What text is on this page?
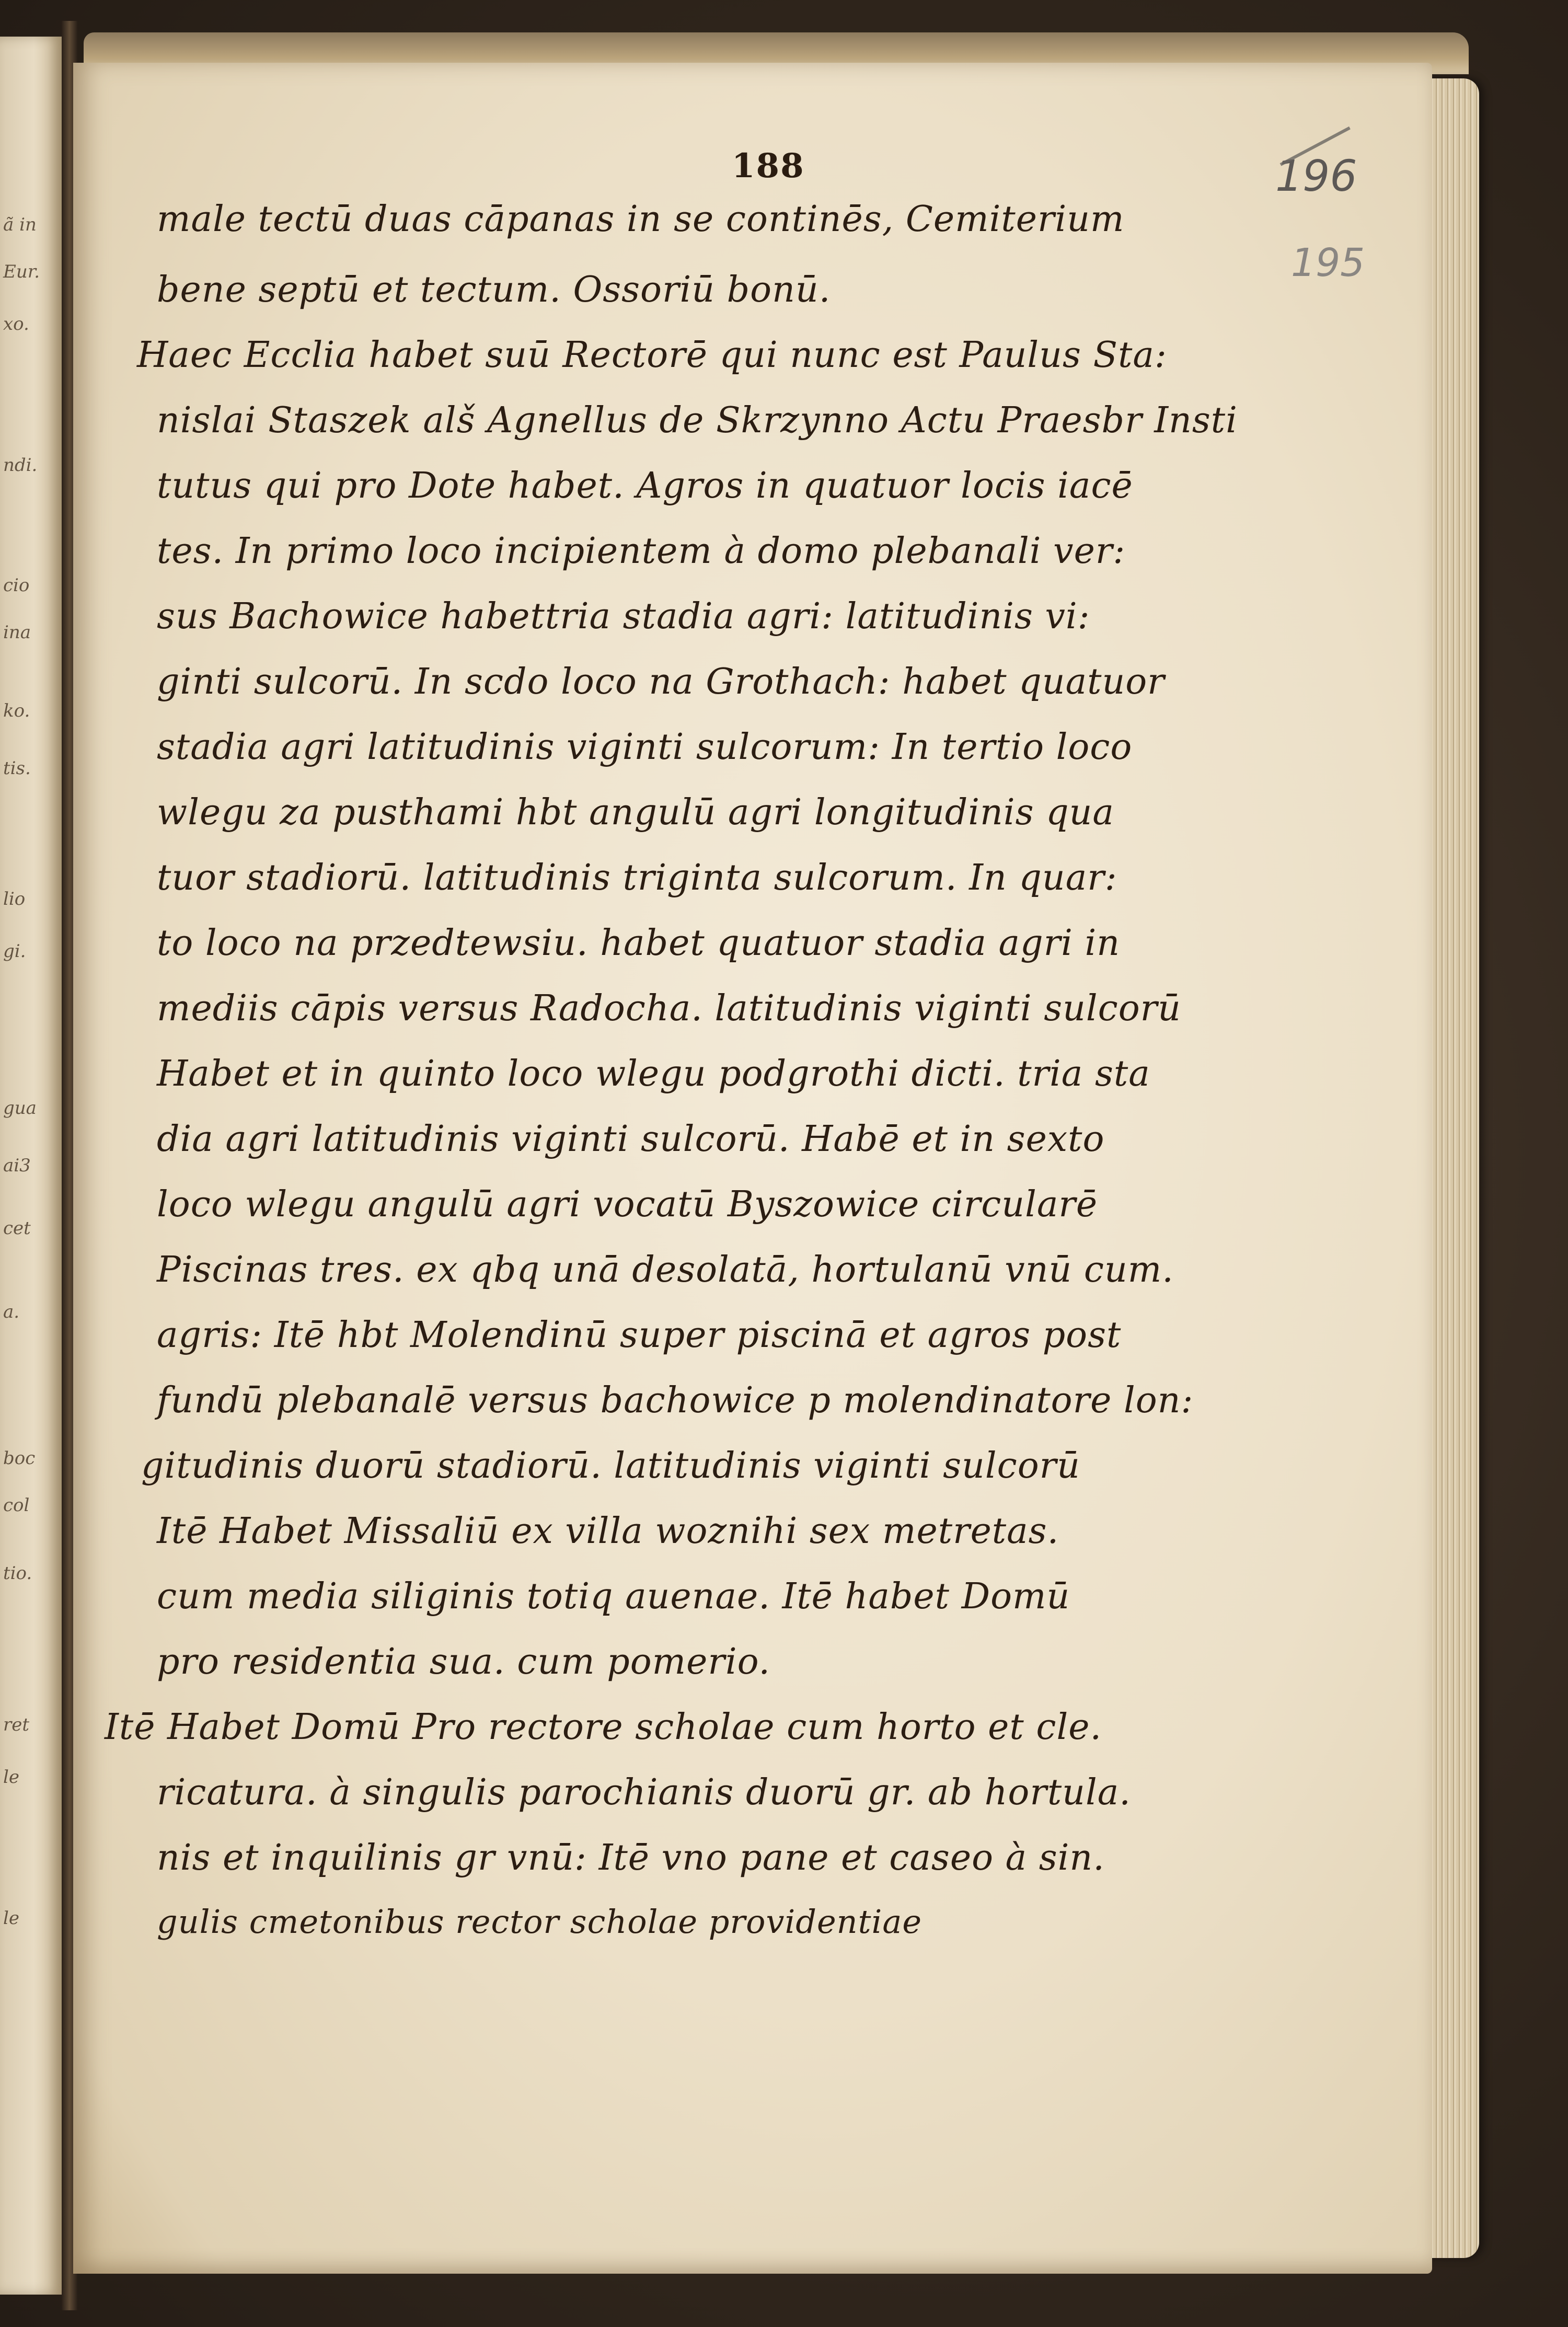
ã in
Eur.
xo.
ndi.
cio
ina
ko.
tis.
lio
gi.
gua
ai3
cet
a.
boc
col
tio.
ret
le
le
188	196
195
male tectū duas cāpanas in se continēs, Cemiterium
bene septū et tectum. Ossoriū bonū.
Haec Ecclia habet suū Rectorē qui nunc est Paulus Sta:
nislai Staszek alš Agnellus de Skrzynno Actu Praesbr Insti
tutus qui pro Dote habet. Agros in quatuor locis iacē
tes. In primo loco incipientem à domo plebanali ver:
sus Bachowice habettria stadia agri: latitudinis vi:
ginti sulcorū. In scdo loco na Grothach: habet quatuor
stadia agri latitudinis viginti sulcorum: In tertio loco
wlegu za pusthami hbt angulū agri longitudinis qua
tuor stadiorū. latitudinis triginta sulcorum. In quar:
to loco na przedtewsiu. habet quatuor stadia agri in
mediis cāpis versus Radocha. latitudinis viginti sulcorū
Habet et in quinto loco wlegu podgrothi dicti. tria sta
dia agri latitudinis viginti sulcorū. Habē et in sexto
loco wlegu angulū agri vocatū Byszowice circularē
Piscinas tres. ex qbq unā desolatā, hortulanū vnū cum.
agris: Itē hbt Molendinū super piscinā et agros post
fundū plebanalē versus bachowice p molendinatore lon:
gitudinis duorū stadiorū. latitudinis viginti sulcorū
Itē Habet Missaliū ex villa woznihi sex metretas.
cum media siliginis totiq auenae. Itē habet Domū
pro residentia sua. cum pomerio.
Itē Habet Domū Pro rectore scholae cum horto et cle.
ricatura. à singulis parochianis duorū gr. ab hortula.
nis et inquilinis gr vnū: Itē vno pane et caseo à sin.
gulis cmetonibus rector scholae providentiae
